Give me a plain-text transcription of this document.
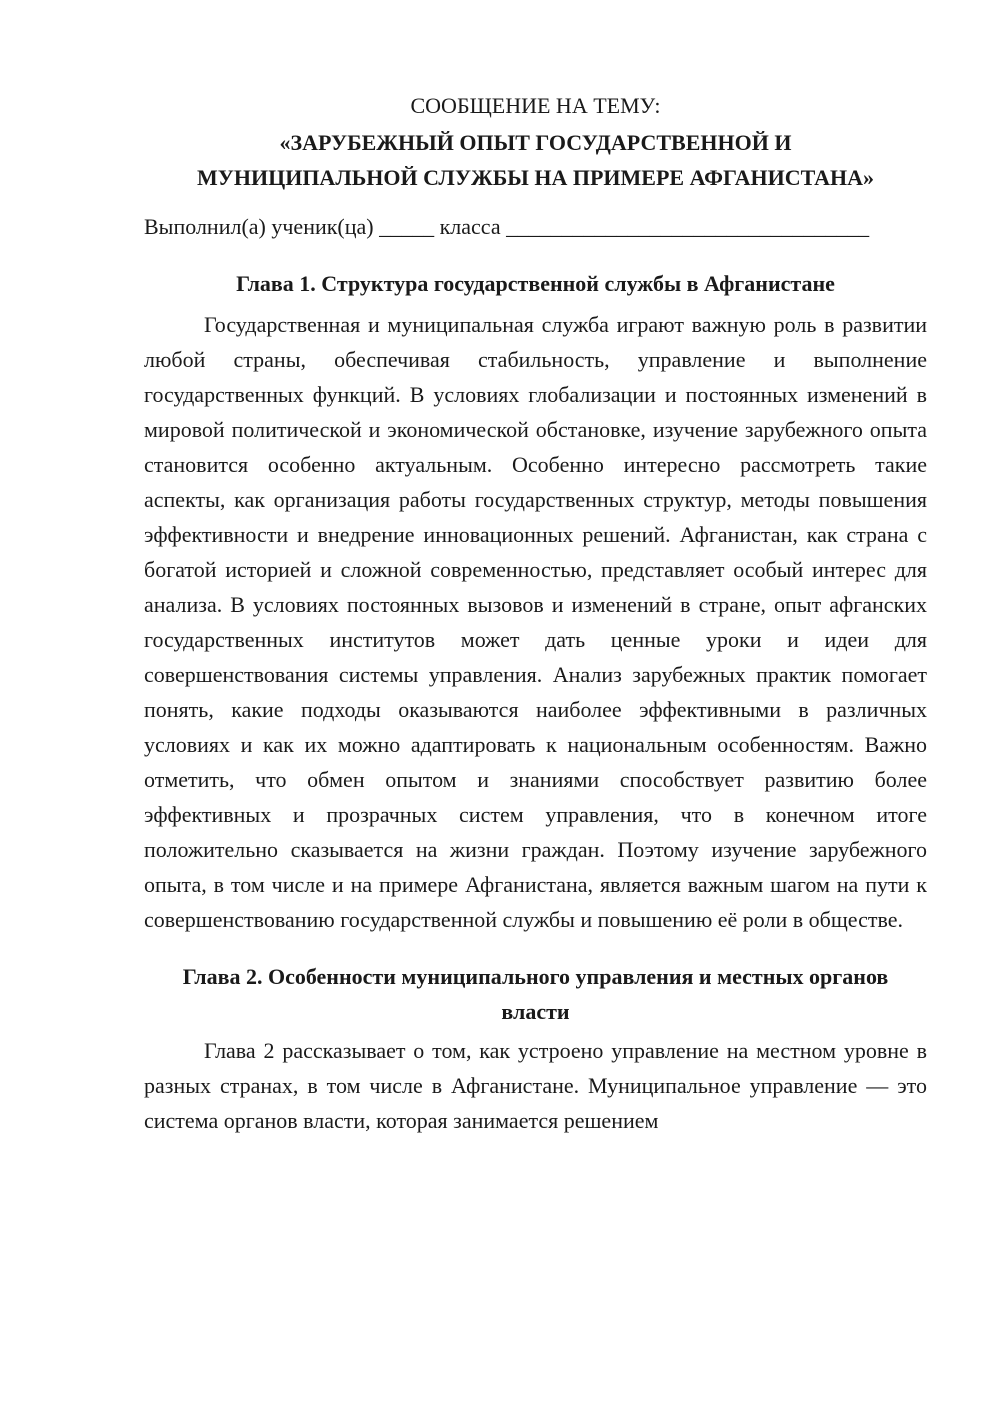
СООБЩЕНИЕ НА ТЕМУ:

«ЗАРУБЕЖНЫЙ ОПЫТ ГОСУДАРСТВЕННОЙ И
МУНИЦИПАЛЬНОЙ СЛУЖБЫ НА ПРИМЕРЕ АФГАНИСТАНА»

Выполнил(а) ученик(ца) _____ класса _________________________________

Глава 1. Структура государственной службы в Афганистане

Государственная и муниципальная служба играют важную роль в развитии любой страны, обеспечивая стабильность, управление и выполнение государственных функций. В условиях глобализации и постоянных изменений в мировой политической и экономической обстановке, изучение зарубежного опыта становится особенно актуальным. Особенно интересно рассмотреть такие аспекты, как организация работы государственных структур, методы повышения эффективности и внедрение инновационных решений. Афганистан, как страна с богатой историей и сложной современностью, представляет особый интерес для анализа. В условиях постоянных вызовов и изменений в стране, опыт афганских государственных институтов может дать ценные уроки и идеи для совершенствования системы управления. Анализ зарубежных практик помогает понять, какие подходы оказываются наиболее эффективными в различных условиях и как их можно адаптировать к национальным особенностям. Важно отметить, что обмен опытом и знаниями способствует развитию более эффективных и прозрачных систем управления, что в конечном итоге положительно сказывается на жизни граждан. Поэтому изучение зарубежного опыта, в том числе и на примере Афганистана, является важным шагом на пути к совершенствованию государственной службы и повышению её роли в обществе.

Глава 2. Особенности муниципального управления и местных органов
власти

Глава 2 рассказывает о том, как устроено управление на местном уровне в разных странах, в том числе в Афганистане. Муниципальное управление — это система органов власти, которая занимается решением
